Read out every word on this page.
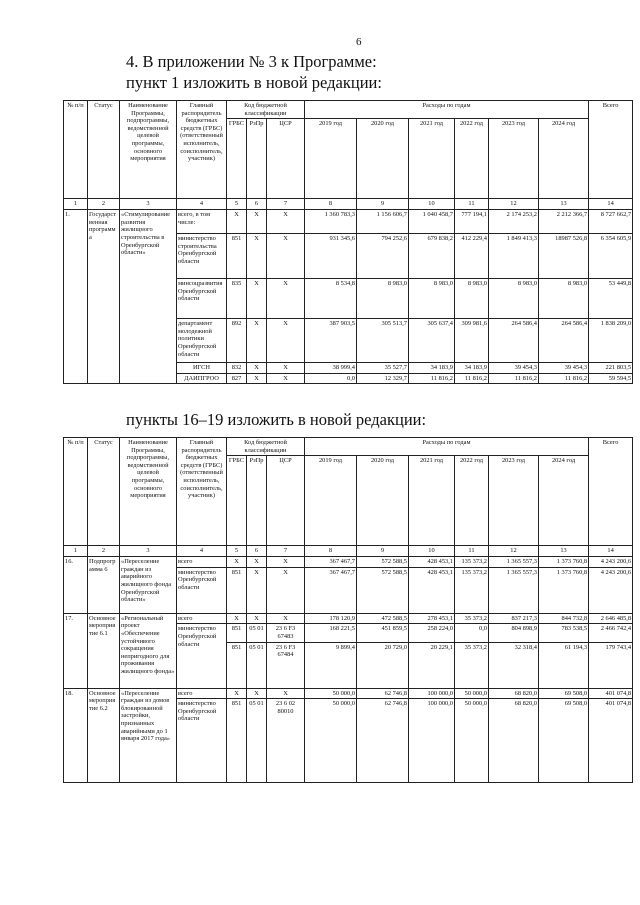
6
4. В приложении № 3 к Программе:
пункт 1 изложить в новой редакции:
№ п/п	Статус	Наименование Программы, подпрограммы, ведомственной целевой программы, основного мероприятия	Главный распорядитель бюджетных средств (ГРБС) (ответственный исполнитель, соисполнитель, участник)	Код бюджетной классификации			Расходы по годам						Всего
				ГРБС	РзПр	ЦСР	2019 год	2020 год	2021 год	2022 год	2023 год	2024 год	
1	2	3	4	5	6	7	8	9	10	11	12	13	14
1.	Государственная программа	«Стимулирование развития жилищного строительства в Оренбургской области»	всего, в том числе:	X	X	X	1 360 783,3	1 156 606,7	1 040 458,7	777 194,1	2 174 253,2	2 212 366,7	8 727 662,7
			министерство строительства Оренбургской области	851	X	X	931 345,6	794 252,6	679 838,2	412 229,4	1 849 413,3	18987 526,8	6 354 605,9
			минсоцразвития Оренбургской области	835	X	X	8 534,8	8 983,0	8 983,0	8 983,0	8 983,0	8 983,0	53 449,8
			департамент молодежной политики Оренбургской области	892	X	X	387 903,5	305 513,7	305 637,4	309 981,6	264 586,4	264 586,4	1 838 209,0
			ИГСН	832	X	X	38 999,4	35 527,7	34 183,9	34 183,9	39 454,3	39 454,3	221 803,5
			ДАИПГРОО	827	X	X	0,0	12 329,7	11 816,2	11 816,2	11 816,2	11 816,2	59 594,5
пункты 16–19 изложить в новой редакции:
№ п/п	Статус	Наименование Программы, подпрограммы, ведомственной целевой программы, основного мероприятия	Главный распорядитель бюджетных средств (ГРБС) (ответственный исполнитель, соисполнитель, участник)	Код бюджетной классификации			Расходы по годам						Всего
				ГРБС	РзПр	ЦСР	2019 год	2020 год	2021 год	2022 год	2023 год	2024 год	
1	2	3	4	5	6	7	8	9	10	11	12	13	14
16.	Подпрограмма 6	«Переселение граждан из аварийного жилищного фонда Оренбургской области»	всего	X	X	X	367 467,7	572 588,5	428 453,1	135 373,2	1 365 557,3	1 373 760,8	4 243 200,6
			министерство Оренбургской области	851	X	X	367 467,7	572 588,5	428 453,1	135 373,2	1 365 557,3	1 373 760,8	4 243 200,6
17.	Основное мероприятие 6.1	«Региональный проект «Обеспечение устойчивого сокращения непригодного для проживания жилищного фонда»	всего	X	X	X	178 120,9	472 588,5	278 453,1	35 373,2	837 217,3	844 732,8	2 646 485,8
			министерство Оренбургской области	851	05 01	23 6 F3 67483	168 221,5	451 859,5	258 224,0	0,0	804 898,9	783 538,5	2 466 742,4
				851	05 01	23 6 F3 67484	9 899,4	20 729,0	20 229,1	35 373,2	32 318,4	61 194,3	179 743,4
18.	Основное мероприятие 6.2	«Переселение граждан из домов блокированной застройки, признанных аварийными до 1 января 2017 года»	всего	X	X	X	50 000,0	62 746,8	100 000,0	50 000,0	68 820,0	69 508,0	401 074,8
			министерство Оренбургской области	851	05 01	23 6 02 80010	50 000,0	62 746,8	100 000,0	50 000,0	68 820,0	69 508,0	401 074,8
